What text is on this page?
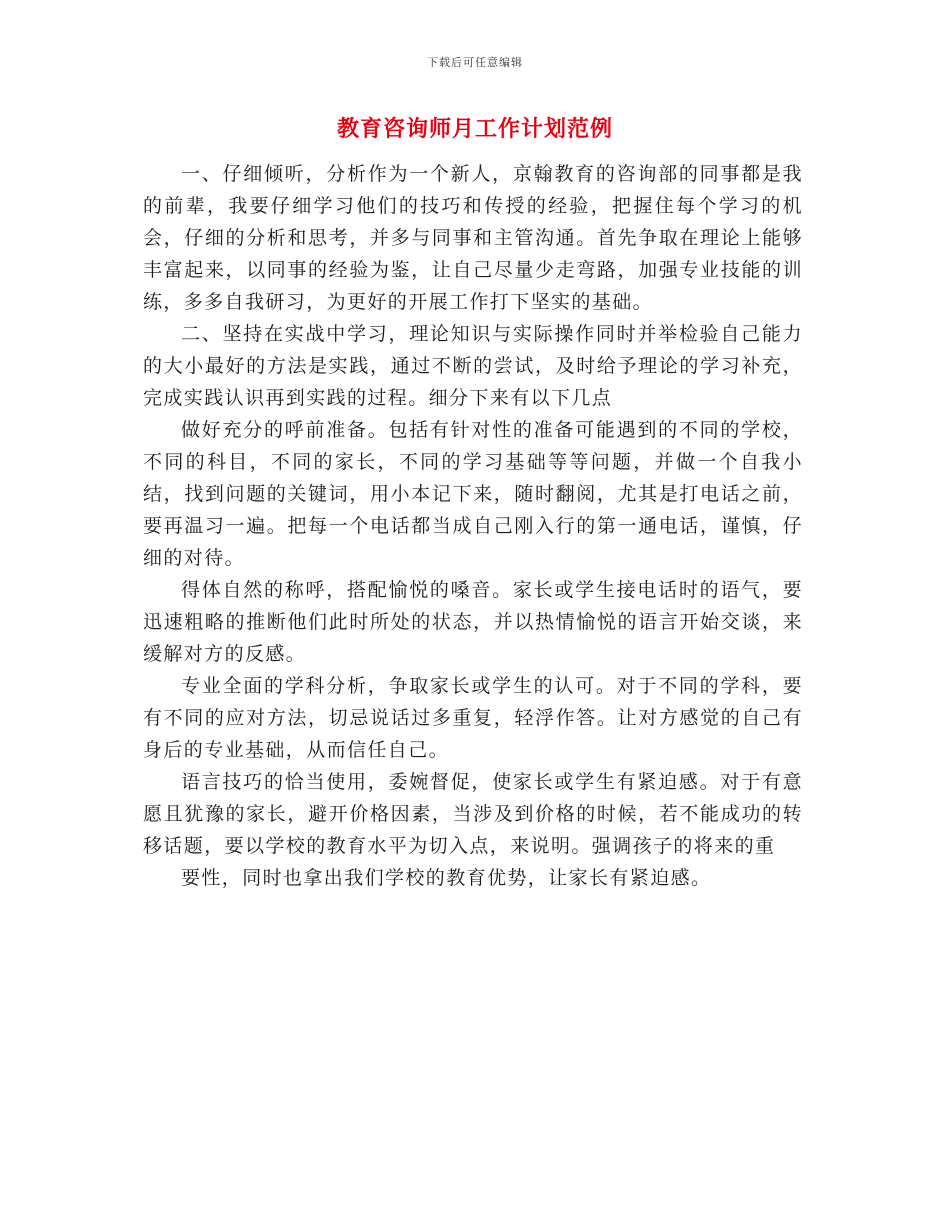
下载后可任意编辑
教育咨询师月工作计划范例

一、仔细倾听，分析作为一个新人，京翰教育的咨询部的同事都是我的前辈，我要仔细学习他们的技巧和传授的经验，把握住每个学习的机会，仔细的分析和思考，并多与同事和主管沟通。首先争取在理论上能够丰富起来，以同事的经验为鉴，让自己尽量少走弯路，加强专业技能的训练，多多自我研习，为更好的开展工作打下坚实的基础。

二、坚持在实战中学习，理论知识与实际操作同时并举检验自己能力的大小最好的方法是实践，通过不断的尝试，及时给予理论的学习补充，完成实践认识再到实践的过程。细分下来有以下几点

做好充分的呼前准备。包括有针对性的准备可能遇到的不同的学校，不同的科目，不同的家长，不同的学习基础等等问题，并做一个自我小结，找到问题的关键词，用小本记下来，随时翻阅，尤其是打电话之前，要再温习一遍。把每一个电话都当成自己刚入行的第一通电话，谨慎，仔细的对待。

得体自然的称呼，搭配愉悦的嗓音。家长或学生接电话时的语气，要迅速粗略的推断他们此时所处的状态，并以热情愉悦的语言开始交谈，来缓解对方的反感。

专业全面的学科分析，争取家长或学生的认可。对于不同的学科，要有不同的应对方法，切忌说话过多重复，轻浮作答。让对方感觉的自己有身后的专业基础，从而信任自己。

语言技巧的恰当使用，委婉督促，使家长或学生有紧迫感。对于有意愿且犹豫的家长，避开价格因素，当涉及到价格的时候，若不能成功的转移话题，要以学校的教育水平为切入点，来说明。强调孩子的将来的重

要性，同时也拿出我们学校的教育优势，让家长有紧迫感。
